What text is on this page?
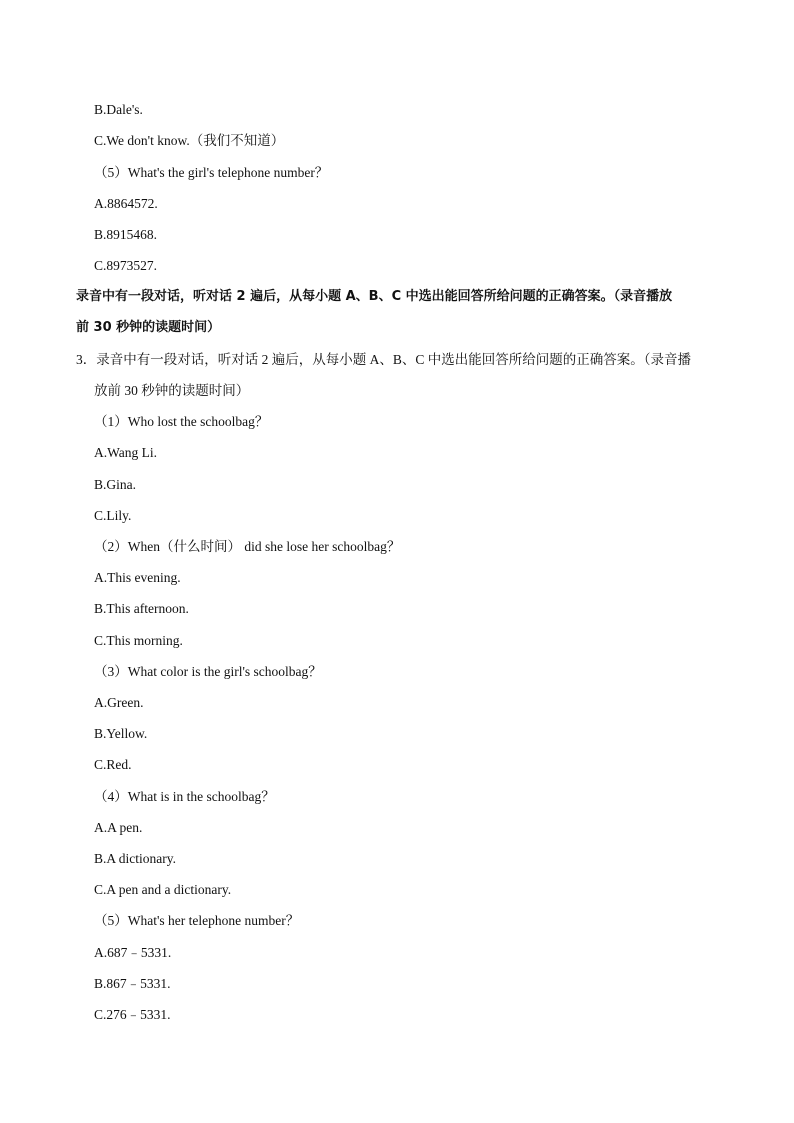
B.Dale's.
C.We don't know.（我们不知道）
（5）What's the girl's telephone number？
A.8864572.
B.8915468.
C.8973527.
录音中有一段对话，听对话 2 遍后，从每小题 A、B、C 中选出能回答所给问题的正确答案。（录音播放
前 30 秒钟的读题时间）
3．录音中有一段对话，听对话 2 遍后，从每小题 A、B、C 中选出能回答所给问题的正确答案。（录音播
放前 30 秒钟的读题时间）
（1）Who lost the schoolbag？
A.Wang Li.
B.Gina.
C.Lily.
（2）When（什么时间） did she lose her schoolbag？
A.This evening.
B.This afternoon.
C.This morning.
（3）What color is the girl's schoolbag？
A.Green.
B.Yellow.
C.Red.
（4）What is in the schoolbag？
A.A pen.
B.A dictionary.
C.A pen and a dictionary.
（5）What's her telephone number？
A.687﹣5331.
B.867﹣5331.
C.276﹣5331.
